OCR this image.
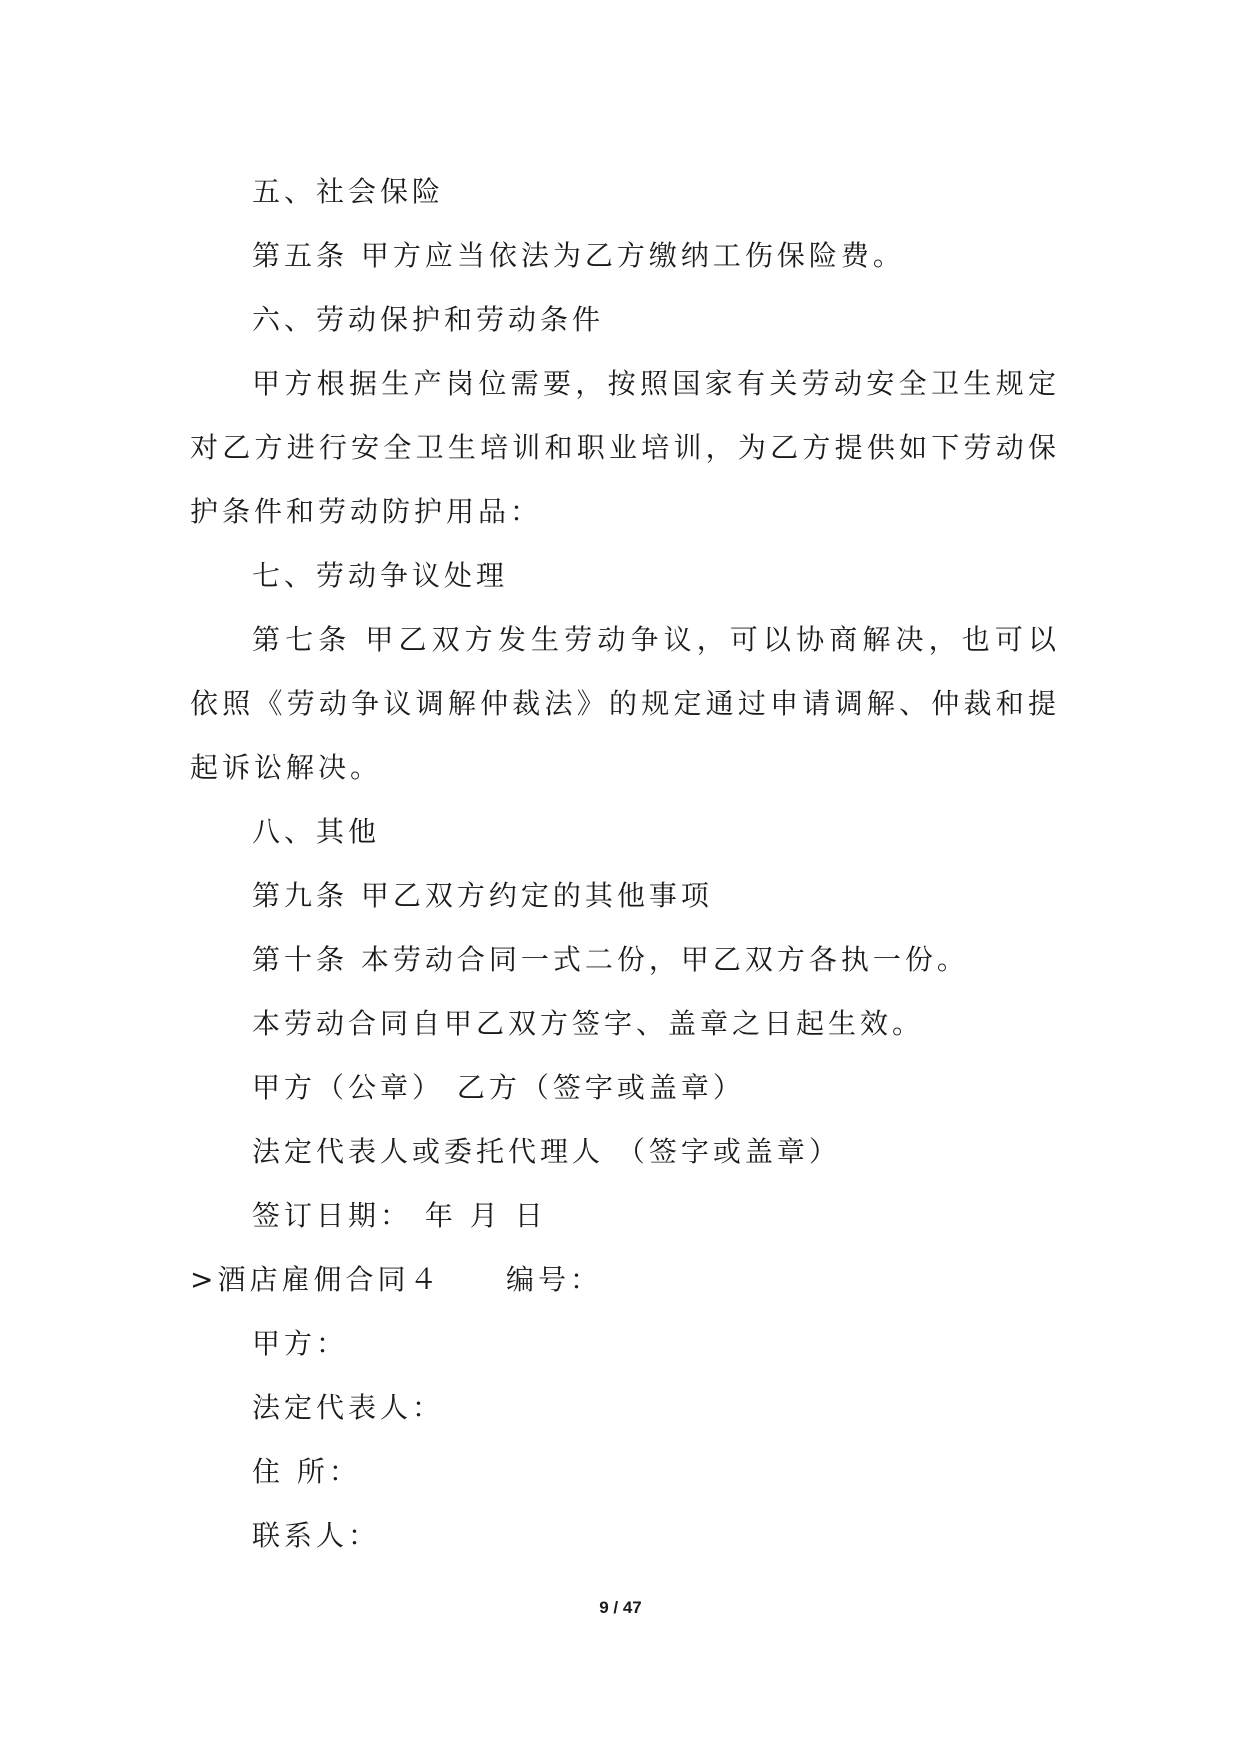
五、社会保险

第五条 甲方应当依法为乙方缴纳工伤保险费。

六、劳动保护和劳动条件

甲方根据生产岗位需要，按照国家有关劳动安全卫生规定对乙方进行安全卫生培训和职业培训，为乙方提供如下劳动保护条件和劳动防护用品：

七、劳动争议处理

第七条 甲乙双方发生劳动争议，可以协商解决，也可以依照《劳动争议调解仲裁法》的规定通过申请调解、仲裁和提起诉讼解决。

八、其他

第九条 甲乙双方约定的其他事项

第十条 本劳动合同一式二份，甲乙双方各执一份。

本劳动合同自甲乙双方签字、盖章之日起生效。

甲方（公章） 乙方（签字或盖章）

法定代表人或委托代理人 （签字或盖章）

签订日期： 年 月 日

>酒店雇佣合同４     编号：

甲方：

法定代表人：

住 所：

联系人：

9 / 47
